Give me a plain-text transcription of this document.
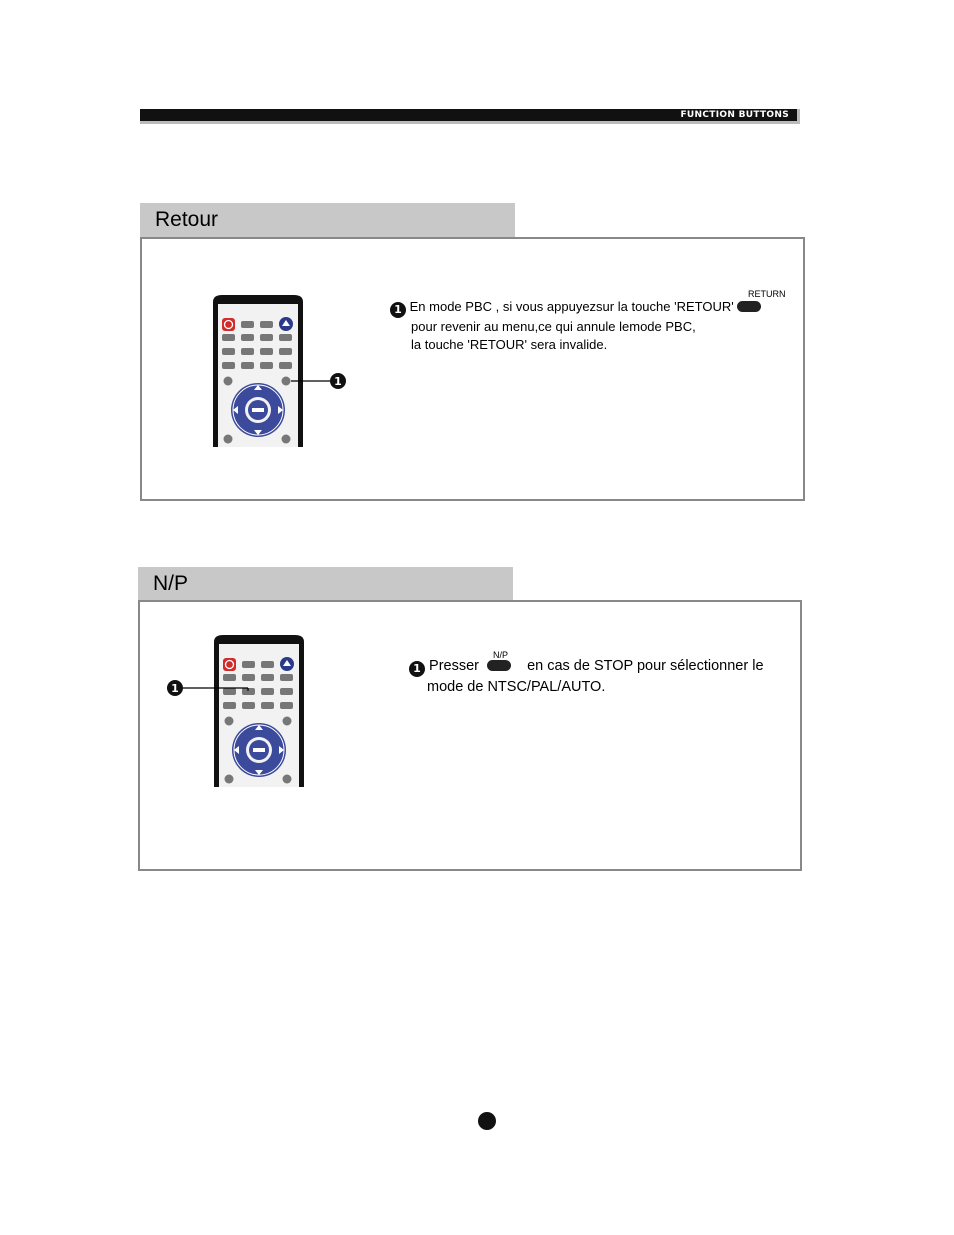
FUNCTION BUTTONS
Retour
1
RETURN
1 En mode PBC , si vous appuyezsur la touche 'RETOUR'
pour revenir au menu,ce qui annule lemode PBC,
la touche 'RETOUR' sera invalide.
N/P
1
N/P
1 Presser	en cas de STOP pour sélectionner le
mode de NTSC/PAL/AUTO.
